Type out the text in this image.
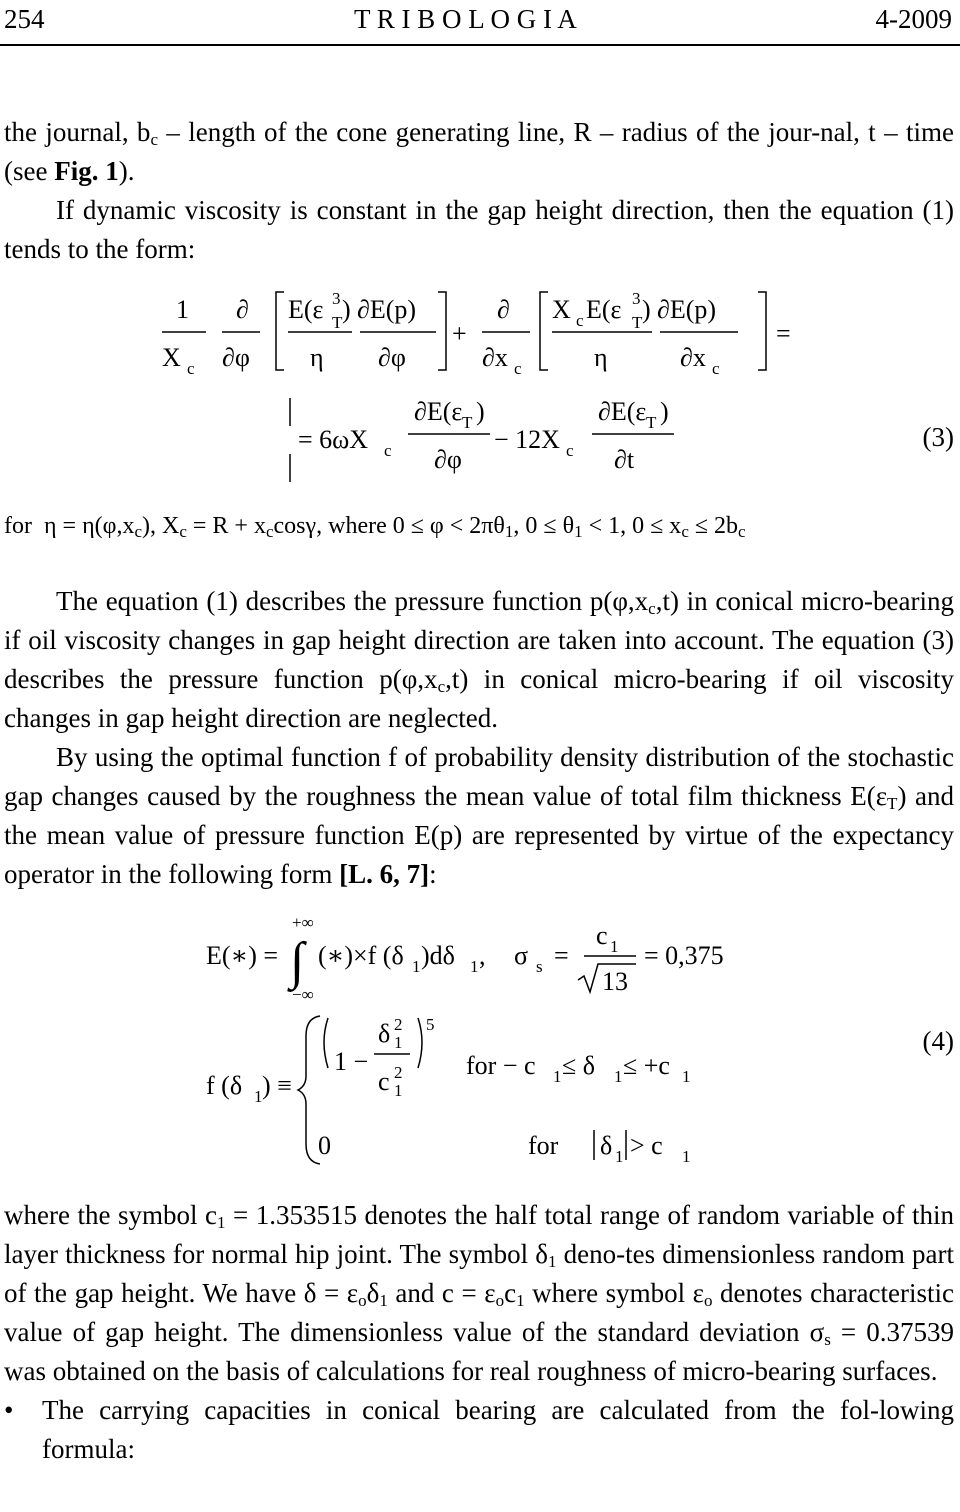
254	T R I B O L O G I A	4-2009

the journal, $b_c$ – length of the cone generating line, R – radius of the jour-nal, t – time (see Fig. 1).

If dynamic viscosity is constant in the gap height direction, then the equation (1) tends to the form:

1
X c
∂
∂φ
E(ε 3
T )
η
∂E(p)
∂φ
+
∂
∂x c
X c E(ε 3
T )
η
∂E(p)
∂x c
=
= 6ωX c
∂E(ε T )
∂φ
− 12X c
∂E(ε T )
∂t
(3)
for $\eta = \eta(\varphi,x_c)$, $X_c = R + x_c\cos\gamma$, where $0 \le \varphi < 2\pi\theta_1$, $0 \le \theta_1 < 1$, $0 \le x_c \le 2b_c$

The equation (1) describes the pressure function $p(\varphi,x_c,t)$ in conical micro-bearing if oil viscosity changes in gap height direction are taken into account. The equation (3) describes the pressure function $p(\varphi,x_c,t)$ in conical micro-bearing if oil viscosity changes in gap height direction are neglected.

By using the optimal function f of probability density distribution of the stochastic gap changes caused by the roughness the mean value of total film thickness $E(\varepsilon_T)$ and the mean value of pressure function E(p) are represented by virtue of the expectancy operator in the following form [L. 6, 7]:

E(∗) =
+∞
−∞
∫ (∗)×f (δ 1 )dδ 1 , σ s =
c 1
13
= 0,375
f (δ 1 ) ≡
1 −
δ 2
1
c 2
1
5
for − c 1 ≤ δ 1 ≤ +c 1
0	for δ 1 > c 1
(4)

where the symbol $c_1 = 1.353515$ denotes the half total range of random variable of thin layer thickness for normal hip joint. The symbol $\delta_1$ deno-tes dimensionless random part of the gap height. We have $\delta = \varepsilon_o\delta_1$ and $c = \varepsilon_oc_1$ where symbol $\varepsilon_o$ denotes characteristic value of gap height. The dimensionless value of the standard deviation $\sigma_s = 0.37539$ was obtained on the basis of calculations for real roughness of micro-bearing surfaces.

• The carrying capacities in conical bearing are calculated from the fol-lowing formula:
